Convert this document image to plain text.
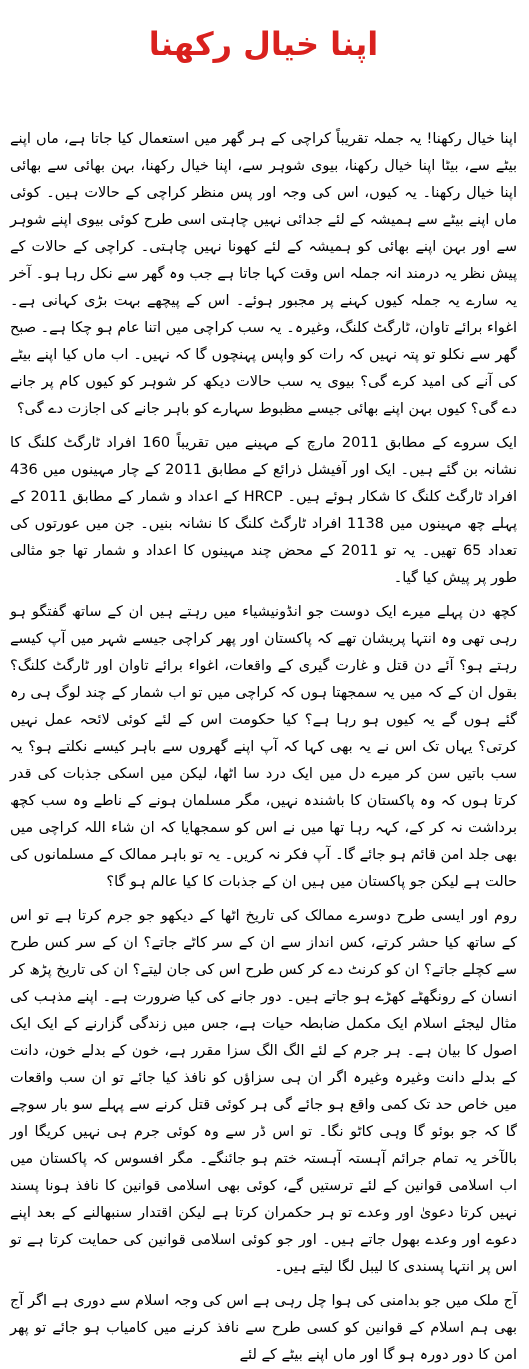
اپنا خیال رکھنا

اپنا خیال رکھنا! یہ جملہ تقریباً کراچی کے ہر گھر میں استعمال کیا جاتا ہے، ماں اپنے بیٹے سے، بیٹا اپنا خیال رکھنا، بیوی شوہر سے، اپنا خیال رکھنا، بہن بھائی سے بھائی اپنا خیال رکھنا۔ یہ کیوں، اس کی وجہ اور پس منظر کراچی کے حالات ہیں۔ کوئی ماں اپنے بیٹے سے ہمیشہ کے لئے جدائی نہیں چاہتی اسی طرح کوئی بیوی اپنے شوہر سے اور بہن اپنے بھائی کو ہمیشہ کے لئے کھونا نہیں چاہتی۔ کراچی کے حالات کے پیش نظر یہ درمند انہ جملہ اس وقت کہا جاتا ہے جب وہ گھر سے نکل رہا ہو۔ آخر یہ سارے یہ جملہ کیوں کہنے پر مجبور ہوئے۔ اس کے پیچھے بہت بڑی کہانی ہے۔ اغواء برائے تاوان، ٹارگٹ کلنگ، وغیرہ۔ یہ سب کراچی میں اتنا عام ہو چکا ہے۔ صبح گھر سے نکلو تو پتہ نہیں کہ رات کو واپس پہنچوں گا کہ نہیں۔ اب ماں کیا اپنے بیٹے کی آنے کی امید کرے گی؟ بیوی یہ سب حالات دیکھ کر شوہر کو کیوں کام پر جانے دے گی؟ کیوں بہن اپنے بھائی جیسے مظبوط سہارے کو باہر جانے کی اجازت دے گی؟

ایک سروے کے مطابق 2011 مارچ کے مہینے میں تقریباً 160 افراد ٹارگٹ کلنگ کا نشانہ بن گئے ہیں۔ ایک اور آفیشل ذرائع کے مطابق 2011 کے چار مہینوں میں 436 افراد ٹارگٹ کلنگ کا شکار ہوئے ہیں۔ HRCP کے اعداد و شمار کے مطابق 2011 کے پہلے چھ مہینوں میں 1138 افراد ٹارگٹ کلنگ کا نشانہ بنیں۔ جن میں عورتوں کی تعداد 65 تھیں۔ یہ تو 2011 کے محض چند مہینوں کا اعداد و شمار تھا جو مثالی طور پر پیش کیا گیا۔

کچھ دن پہلے میرے ایک دوست جو انڈونیشیاء میں رہتے ہیں ان کے ساتھ گفتگو ہو رہی تھی وہ انتہا پریشان تھے کہ پاکستان اور پھر کراچی جیسے شہر میں آپ کیسے رہتے ہو؟ آئے دن قتل و غارت گیری کے واقعات، اغواء برائے تاوان اور ٹارگٹ کلنگ؟ بقول ان کے کہ میں یہ سمجھتا ہوں کہ کراچی میں تو اب شمار کے چند لوگ ہی رہ گئے ہوں گے یہ کیوں ہو رہا ہے؟ کیا حکومت اس کے لئے کوئی لائحہ عمل نہیں کرتی؟ یہاں تک اس نے یہ بھی کہا کہ آپ اپنے گھروں سے باہر کیسے نکلتے ہو؟ یہ سب باتیں سن کر میرے دل میں ایک درد سا اٹھا، لیکن میں اسکی جذبات کی قدر کرتا ہوں کہ وہ پاکستان کا باشندہ نہیں، مگر مسلمان ہونے کے ناطے وہ سب کچھ برداشت نہ کر کے، کہہ رہا تھا میں نے اس کو سمجھایا کہ ان شاء اللہ کراچی میں بھی جلد امن قائم ہو جائے گا۔ آپ فکر نہ کریں۔ یہ تو باہر ممالک کے مسلمانوں کی حالت ہے لیکن جو پاکستان میں ہیں ان کے جذبات کا کیا عالم ہو گا؟

روم اور ایسی طرح دوسرے ممالک کی تاریخ اٹھا کے دیکھو جو جرم کرتا ہے تو اس کے ساتھ کیا حشر کرتے، کس انداز سے ان کے سر کاٹے جاتے؟ ان کے سر کس طرح سے کچلے جاتے؟ ان کو کرنٹ دے کر کس طرح اس کی جان لیتے؟ ان کی تاریخ پڑھ کر انسان کے رونگھٹے کھڑے ہو جاتے ہیں۔ دور جانے کی کیا ضرورت ہے۔ اپنے مذہب کی مثال لیجئے اسلام ایک مکمل ضابطہ حیات ہے، جس میں زندگی گزارنے کے ایک ایک اصول کا بیان ہے۔ ہر جرم کے لئے الگ الگ سزا مقرر ہے، خون کے بدلے خون، دانت کے بدلے دانت وغیرہ وغیرہ اگر ان ہی سزاؤں کو نافذ کیا جائے تو ان سب واقعات میں خاص حد تک کمی واقع ہو جائے گی ہر کوئی قتل کرنے سے پہلے سو بار سوچے گا کہ جو بوئو گا وہی کاٹو نگا۔ تو اس ڈر سے وہ کوئی جرم ہی نہیں کریگا اور بالآخر یہ تمام جرائم آہستہ آہستہ ختم ہو جائنگے۔ مگر افسوس کہ پاکستان میں اب اسلامی قوانین کے لئے ترستیں گے، کوئی بھی اسلامی قوانین کا نافذ ہونا پسند نہیں کرتا دعویٰ اور وعدے تو ہر حکمران کرتا ہے لیکن اقتدار سنبھالنے کے بعد اپنے دعوے اور وعدے بھول جاتے ہیں۔ اور جو کوئی اسلامی قوانین کی حمایت کرتا ہے تو اس پر انتہا پسندی کا لیبل لگا لیتے ہیں۔

آج ملک میں جو بدامنی کی ہوا چل رہی ہے اس کی وجہ اسلام سے دوری ہے اگر آج بھی ہم اسلام کے قوانین کو کسی طرح سے نافذ کرنے میں کامیاب ہو جائے تو پھر امن کا دور دورہ ہو گا اور ماں اپنے بیٹے کے لئے
